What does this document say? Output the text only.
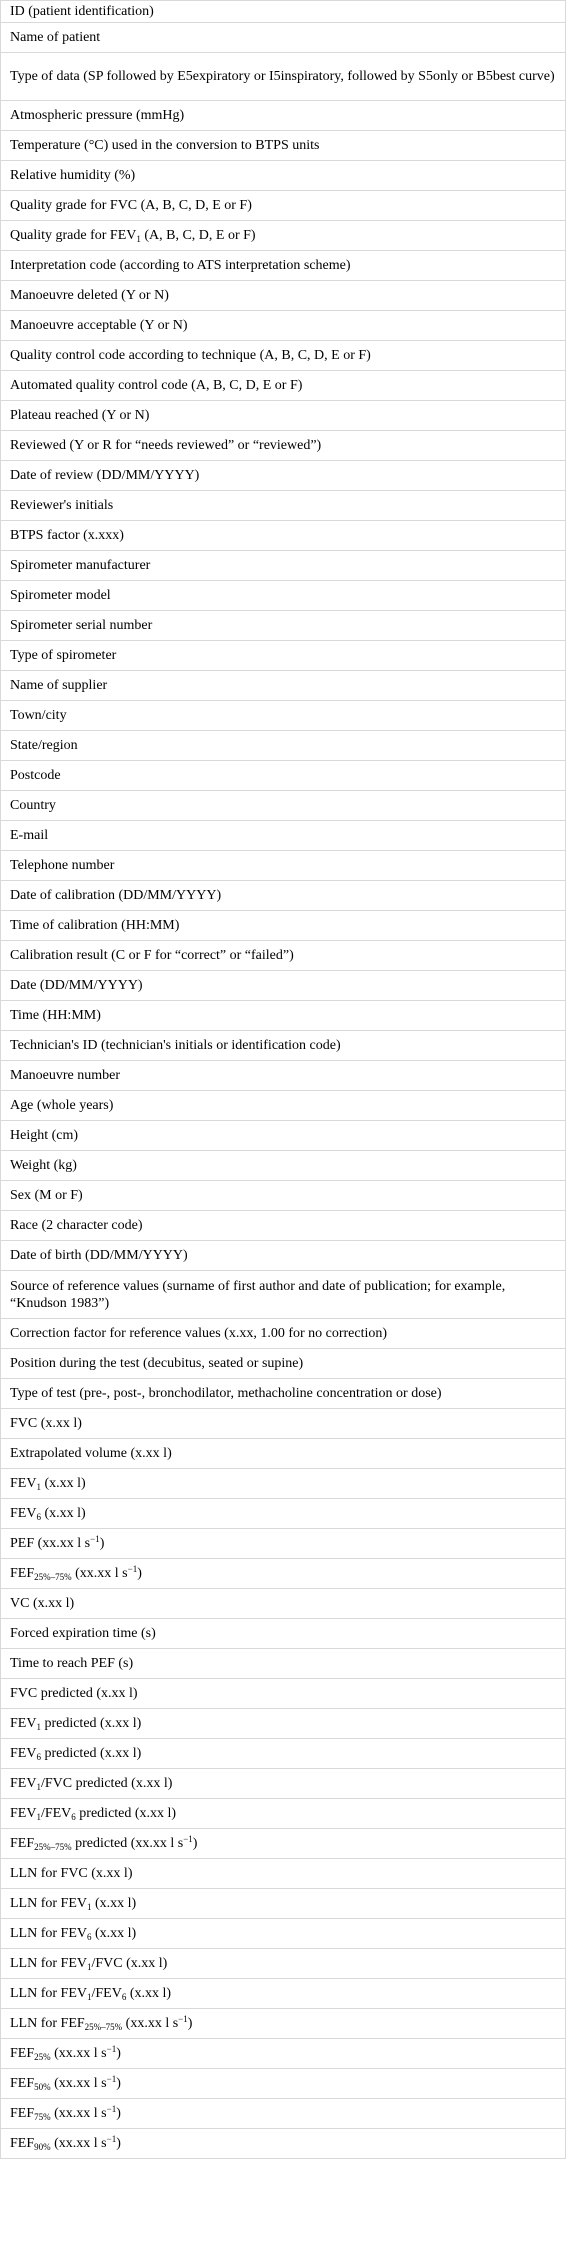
ID (patient identification)
Name of patient
Type of data (SP followed by E5expiratory or I5inspiratory, followed by S5only or B5best curve)
Atmospheric pressure (mmHg)
Temperature (°C) used in the conversion to BTPS units
Relative humidity (%)
Quality grade for FVC (A, B, C, D, E or F)
Quality grade for $FEV_1$ (A, B, C, D, E or F)
Interpretation code (according to ATS interpretation scheme)
Manoeuvre deleted (Y or N)
Manoeuvre acceptable (Y or N)
Quality control code according to technique (A, B, C, D, E or F)
Automated quality control code (A, B, C, D, E or F)
Plateau reached (Y or N)
Reviewed (Y or R for “needs reviewed” or “reviewed”)
Date of review (DD/MM/YYYY)
Reviewer's initials
BTPS factor (x.xxx)
Spirometer manufacturer
Spirometer model
Spirometer serial number
Type of spirometer
Name of supplier
Town/city
State/region
Postcode
Country
E-mail
Telephone number
Date of calibration (DD/MM/YYYY)
Time of calibration (HH:MM)
Calibration result (C or F for “correct” or “failed”)
Date (DD/MM/YYYY)
Time (HH:MM)
Technician's ID (technician's initials or identification code)
Manoeuvre number
Age (whole years)
Height (cm)
Weight (kg)
Sex (M or F)
Race (2 character code)
Date of birth (DD/MM/YYYY)
Source of reference values (surname of first author and date of publication; for example, “Knudson 1983”)
Correction factor for reference values (x.xx, 1.00 for no correction)
Position during the test (decubitus, seated or supine)
Type of test (pre-, post-, bronchodilator, methacholine concentration or dose)
FVC (x.xx l)
Extrapolated volume (x.xx l)
$FEV_1$ (x.xx l)
$FEV_6$ (x.xx l)
PEF (xx.xx l $s^{-1}$)
$FEF_{25\%-75\%}$ (xx.xx l $s^{-1}$)
VC (x.xx l)
Forced expiration time (s)
Time to reach PEF (s)
FVC predicted (x.xx l)
$FEV_1$ predicted (x.xx l)
$FEV_6$ predicted (x.xx l)
$FEV_1$/FVC predicted (x.xx l)
$FEV_1/FEV_6$ predicted (x.xx l)
$FEF_{25\%-75\%}$ predicted (xx.xx l $s^{-1}$)
LLN for FVC (x.xx l)
LLN for $FEV_1$ (x.xx l)
LLN for $FEV_6$ (x.xx l)
LLN for $FEV_1$/FVC (x.xx l)
LLN for $FEV_1/FEV_6$ (x.xx l)
LLN for $FEF_{25\%-75\%}$ (xx.xx l $s^{-1}$)
$FEF_{25\%}$ (xx.xx l $s^{-1}$)
$FEF_{50\%}$ (xx.xx l $s^{-1}$)
$FEF_{75\%}$ (xx.xx l $s^{-1}$)
$FEF_{90\%}$ (xx.xx l $s^{-1}$)
